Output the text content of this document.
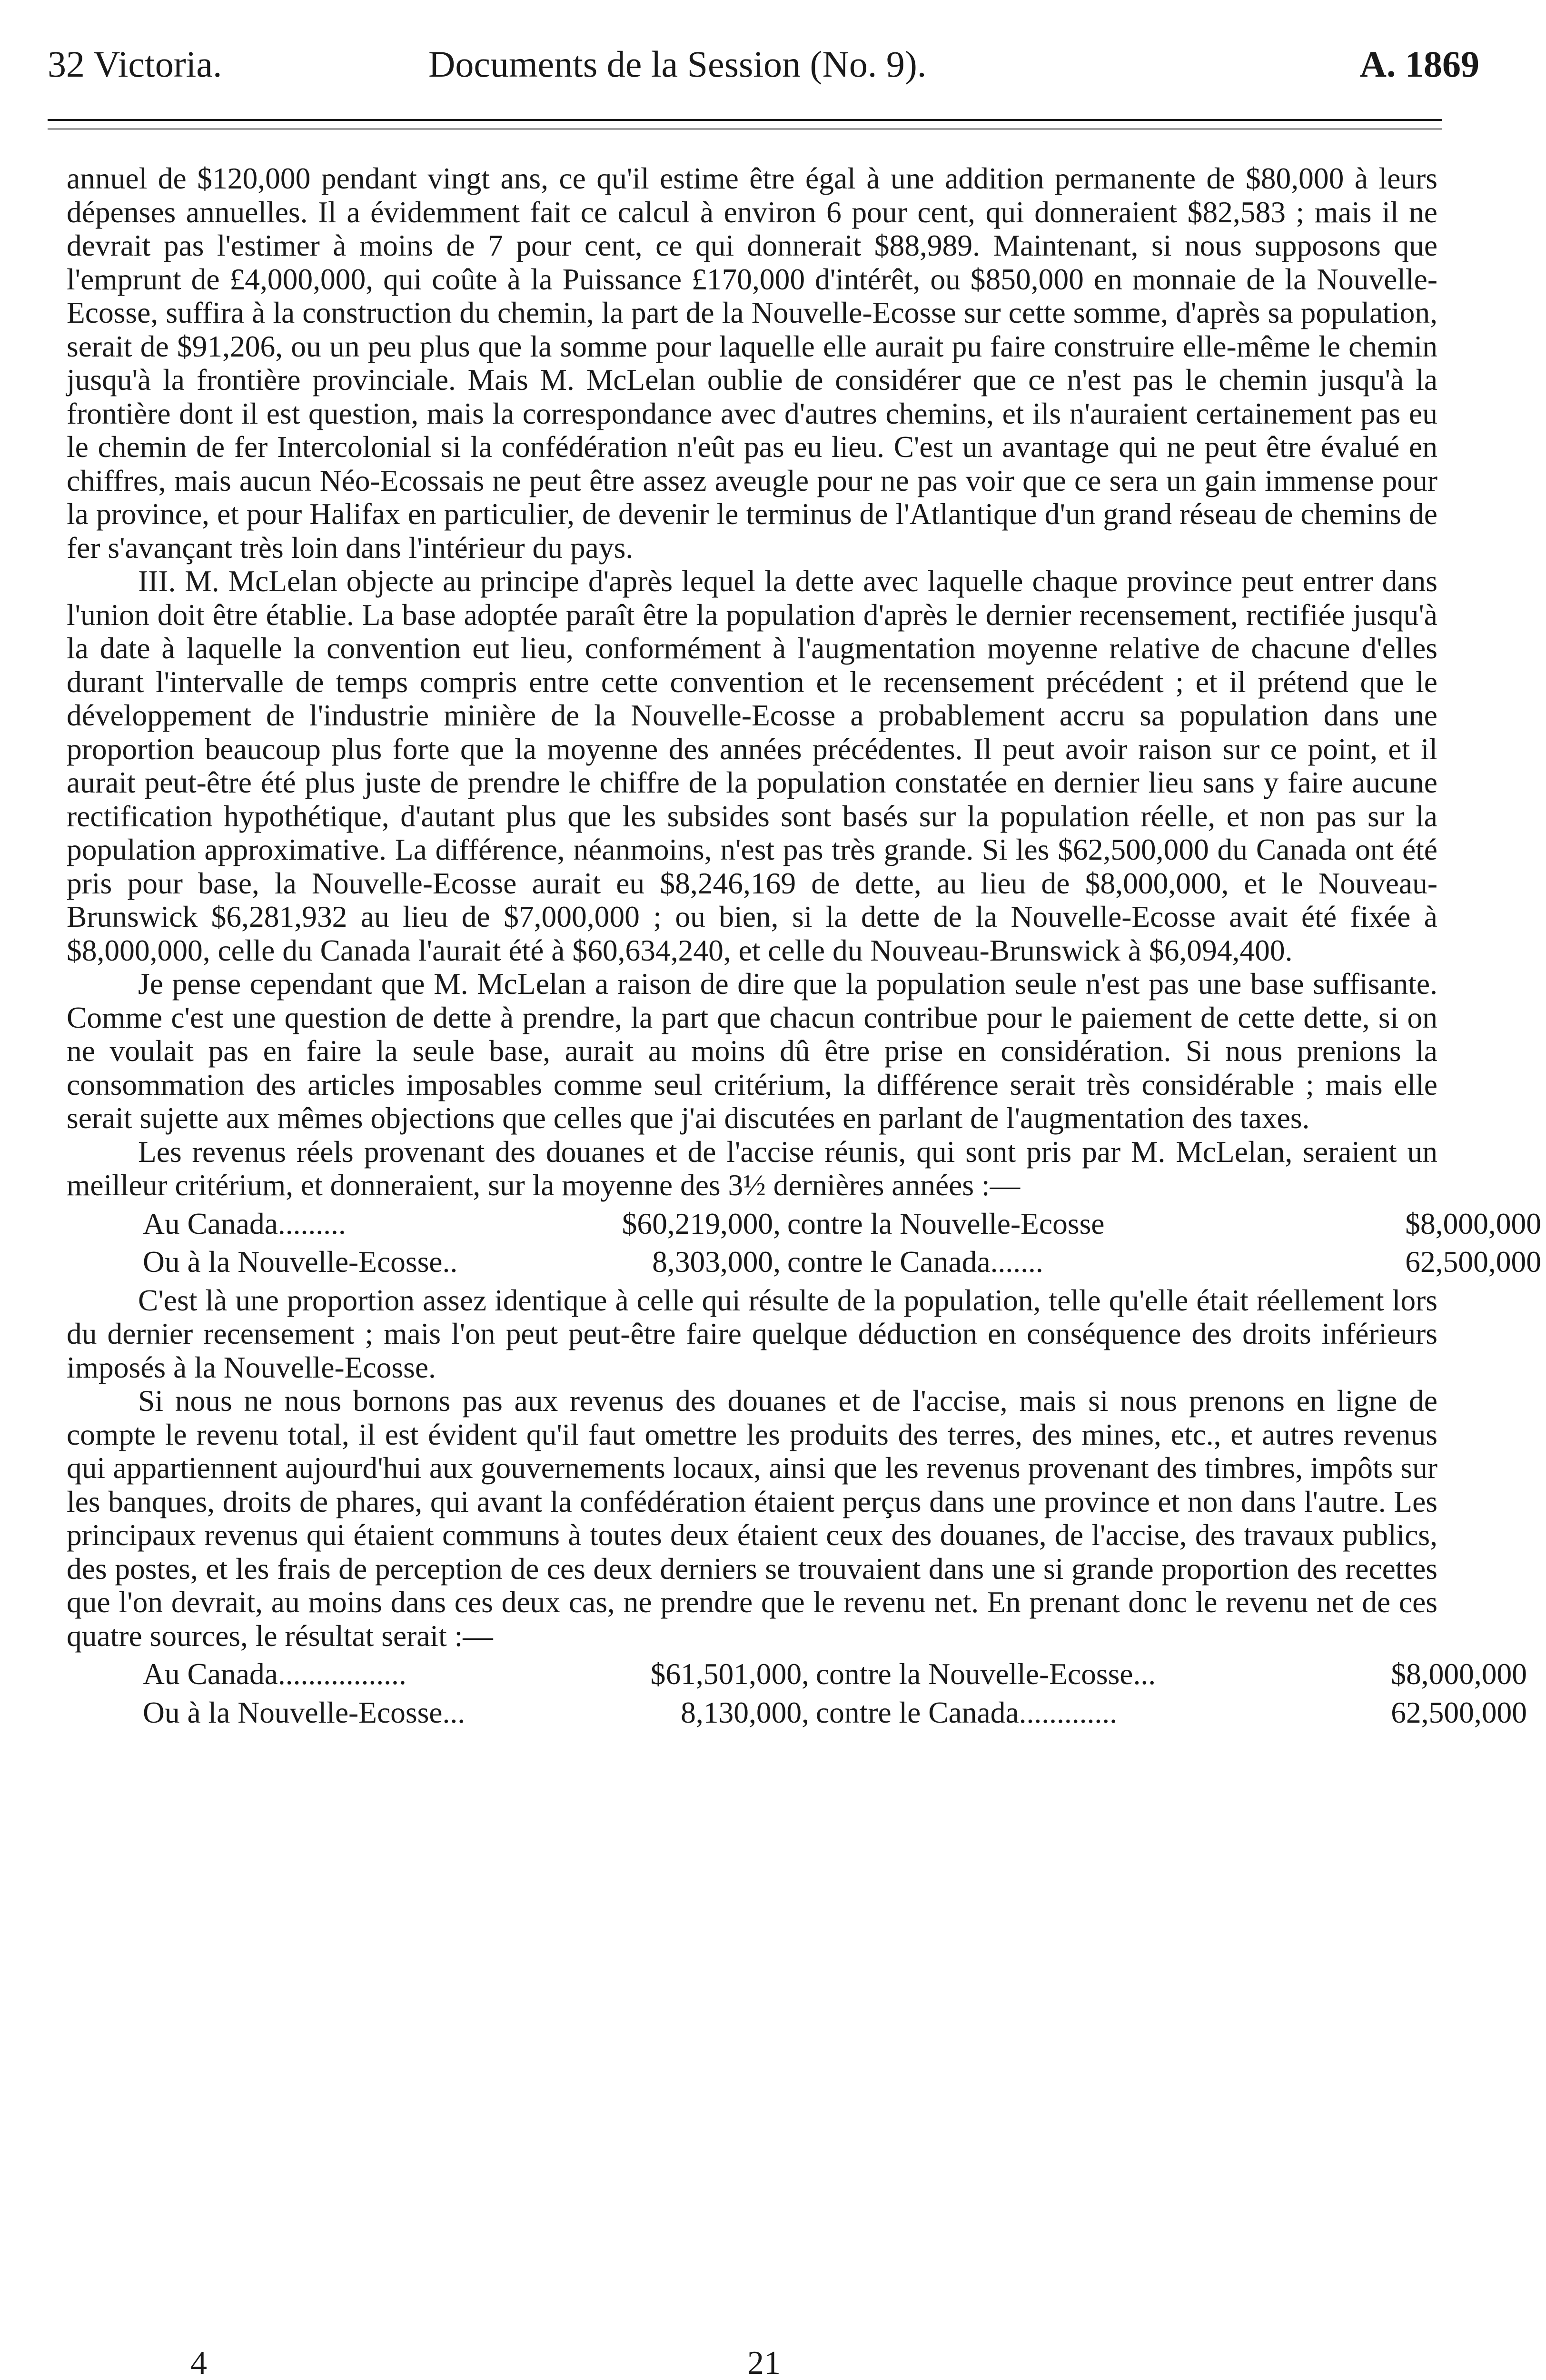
32 Victoria.	Documents de la Session (No. 9).	A. 1869

annuel de $120,000 pendant vingt ans, ce qu'il estime être égal à une addition permanente de $80,000 à leurs dépenses annuelles. Il a évidemment fait ce calcul à environ 6 pour cent, qui donneraient $82,583 ; mais il ne devrait pas l'estimer à moins de 7 pour cent, ce qui donnerait $88,989. Maintenant, si nous supposons que l'emprunt de £4,000,000, qui coûte à la Puissance £170,000 d'intérêt, ou $850,000 en monnaie de la Nouvelle-Ecosse, suffira à la construction du chemin, la part de la Nouvelle-Ecosse sur cette somme, d'après sa population, serait de $91,206, ou un peu plus que la somme pour laquelle elle aurait pu faire construire elle-même le chemin jusqu'à la frontière provinciale. Mais M. McLelan oublie de considérer que ce n'est pas le chemin jusqu'à la frontière dont il est question, mais la correspondance avec d'autres chemins, et ils n'auraient certainement pas eu le chemin de fer Intercolonial si la confédération n'eût pas eu lieu. C'est un avantage qui ne peut être évalué en chiffres, mais aucun Néo-Ecossais ne peut être assez aveugle pour ne pas voir que ce sera un gain immense pour la province, et pour Halifax en particulier, de devenir le terminus de l'Atlantique d'un grand réseau de chemins de fer s'avançant très loin dans l'intérieur du pays.

III. M. McLelan objecte au principe d'après lequel la dette avec laquelle chaque province peut entrer dans l'union doit être établie. La base adoptée paraît être la population d'après le dernier recensement, rectifiée jusqu'à la date à laquelle la convention eut lieu, conformément à l'augmentation moyenne relative de chacune d'elles durant l'intervalle de temps compris entre cette convention et le recensement précédent ; et il prétend que le développement de l'industrie minière de la Nouvelle-Ecosse a probablement accru sa population dans une proportion beaucoup plus forte que la moyenne des années précédentes. Il peut avoir raison sur ce point, et il aurait peut-être été plus juste de prendre le chiffre de la population constatée en dernier lieu sans y faire aucune rectification hypothétique, d'autant plus que les subsides sont basés sur la population réelle, et non pas sur la population approximative. La différence, néanmoins, n'est pas très grande. Si les $62,500,000 du Canada ont été pris pour base, la Nouvelle-Ecosse aurait eu $8,246,169 de dette, au lieu de $8,000,000, et le Nouveau-Brunswick $6,281,932 au lieu de $7,000,000 ; ou bien, si la dette de la Nouvelle-Ecosse avait été fixée à $8,000,000, celle du Canada l'aurait été à $60,634,240, et celle du Nouveau-Brunswick à $6,094,400.

Je pense cependant que M. McLelan a raison de dire que la population seule n'est pas une base suffisante. Comme c'est une question de dette à prendre, la part que chacun contribue pour le paiement de cette dette, si on ne voulait pas en faire la seule base, aurait au moins dû être prise en considération. Si nous prenions la consommation des articles imposables comme seul critérium, la différence serait très considérable ; mais elle serait sujette aux mêmes objections que celles que j'ai discutées en parlant de l'augmentation des taxes.

Les revenus réels provenant des douanes et de l'accise réunis, qui sont pris par M. McLelan, seraient un meilleur critérium, et donneraient, sur la moyenne des 3½ dernières années :—

Au Canada.........	$60,219,000, contre la Nouvelle-Ecosse	$8,000,000
Ou à la Nouvelle-Ecosse..	8,303,000, contre le Canada.......	62,500,000

C'est là une proportion assez identique à celle qui résulte de la population, telle qu'elle était réellement lors du dernier recensement ; mais l'on peut peut-être faire quelque déduction en conséquence des droits inférieurs imposés à la Nouvelle-Ecosse.

Si nous ne nous bornons pas aux revenus des douanes et de l'accise, mais si nous prenons en ligne de compte le revenu total, il est évident qu'il faut omettre les produits des terres, des mines, etc., et autres revenus qui appartiennent aujourd'hui aux gouvernements locaux, ainsi que les revenus provenant des timbres, impôts sur les banques, droits de phares, qui avant la confédération étaient perçus dans une province et non dans l'autre. Les principaux revenus qui étaient communs à toutes deux étaient ceux des douanes, de l'accise, des travaux publics, des postes, et les frais de perception de ces deux derniers se trouvaient dans une si grande proportion des recettes que l'on devrait, au moins dans ces deux cas, ne prendre que le revenu net. En prenant donc le revenu net de ces quatre sources, le résultat serait :—

Au Canada.................	$61,501,000, contre la Nouvelle-Ecosse...	$8,000,000
Ou à la Nouvelle-Ecosse...	8,130,000, contre le Canada.............	62,500,000
4	21
